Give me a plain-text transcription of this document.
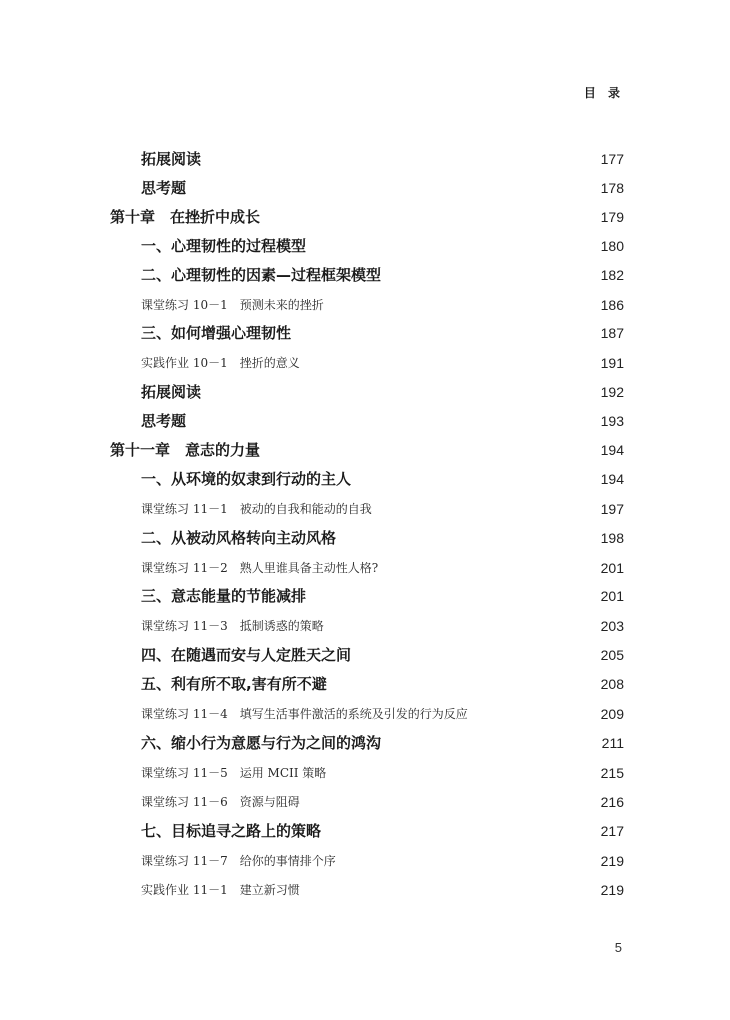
目 录
拓展阅读	177
思考题	178
第十章　在挫折中成长	179
一、心理韧性的过程模型	180
二、心理韧性的因素—过程框架模型	182
课堂练习 10－1　预测未来的挫折	186
三、如何增强心理韧性	187
实践作业 10－1　挫折的意义	191
拓展阅读	192
思考题	193
第十一章　意志的力量	194
一、从环境的奴隶到行动的主人	194
课堂练习 11－1　被动的自我和能动的自我	197
二、从被动风格转向主动风格	198
课堂练习 11－2　熟人里谁具备主动性人格?	201
三、意志能量的节能减排	201
课堂练习 11－3　抵制诱惑的策略	203
四、在随遇而安与人定胜天之间	205
五、利有所不取,害有所不避	208
课堂练习 11－4　填写生活事件激活的系统及引发的行为反应	209
六、缩小行为意愿与行为之间的鸿沟	211
课堂练习 11－5　运用 MCII 策略	215
课堂练习 11－6　资源与阻碍	216
七、目标追寻之路上的策略	217
课堂练习 11－7　给你的事情排个序	219
实践作业 11－1　建立新习惯	219
5
